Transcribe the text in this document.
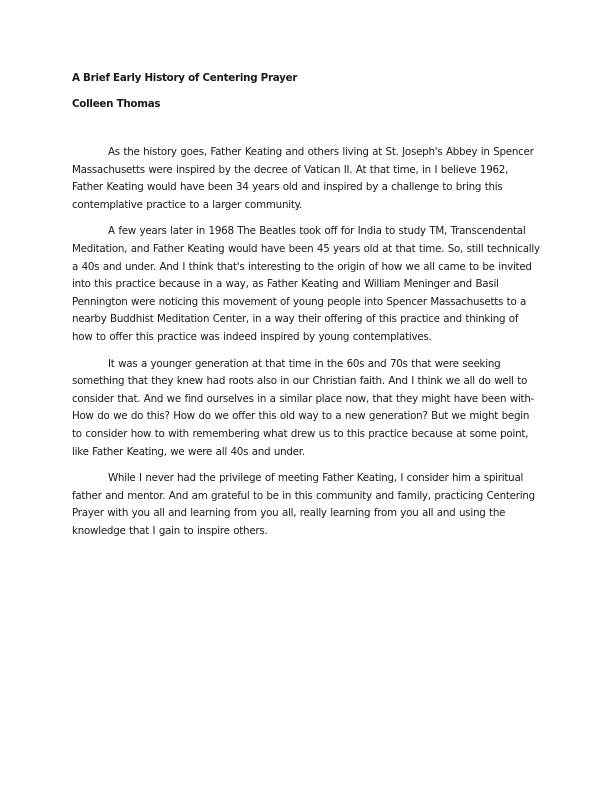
A Brief Early History of Centering Prayer

Colleen Thomas

As the history goes, Father Keating and others living at St. Joseph's Abbey in Spencer Massachusetts were inspired by the decree of Vatican II. At that time, in I believe 1962, Father Keating would have been 34 years old and inspired by a challenge to bring this contemplative practice to a larger community.

A few years later in 1968 The Beatles took off for India to study TM, Transcendental Meditation, and Father Keating would have been 45 years old at that time. So, still technically a 40s and under. And I think that's interesting to the origin of how we all came to be invited into this practice because in a way, as Father Keating and William Meninger and Basil Pennington were noticing this movement of young people into Spencer Massachusetts to a nearby Buddhist Meditation Center, in a way their offering of this practice and thinking of how to offer this practice was indeed inspired by young contemplatives.

It was a younger generation at that time in the 60s and 70s that were seeking something that they knew had roots also in our Christian faith. And I think we all do well to consider that. And we find ourselves in a similar place now, that they might have been with- How do we do this? How do we offer this old way to a new generation? But we might begin to consider how to with remembering what drew us to this practice because at some point, like Father Keating, we were all 40s and under.

While I never had the privilege of meeting Father Keating, I consider him a spiritual father and mentor. And am grateful to be in this community and family, practicing Centering Prayer with you all and learning from you all, really learning from you all and using the knowledge that I gain to inspire others.
